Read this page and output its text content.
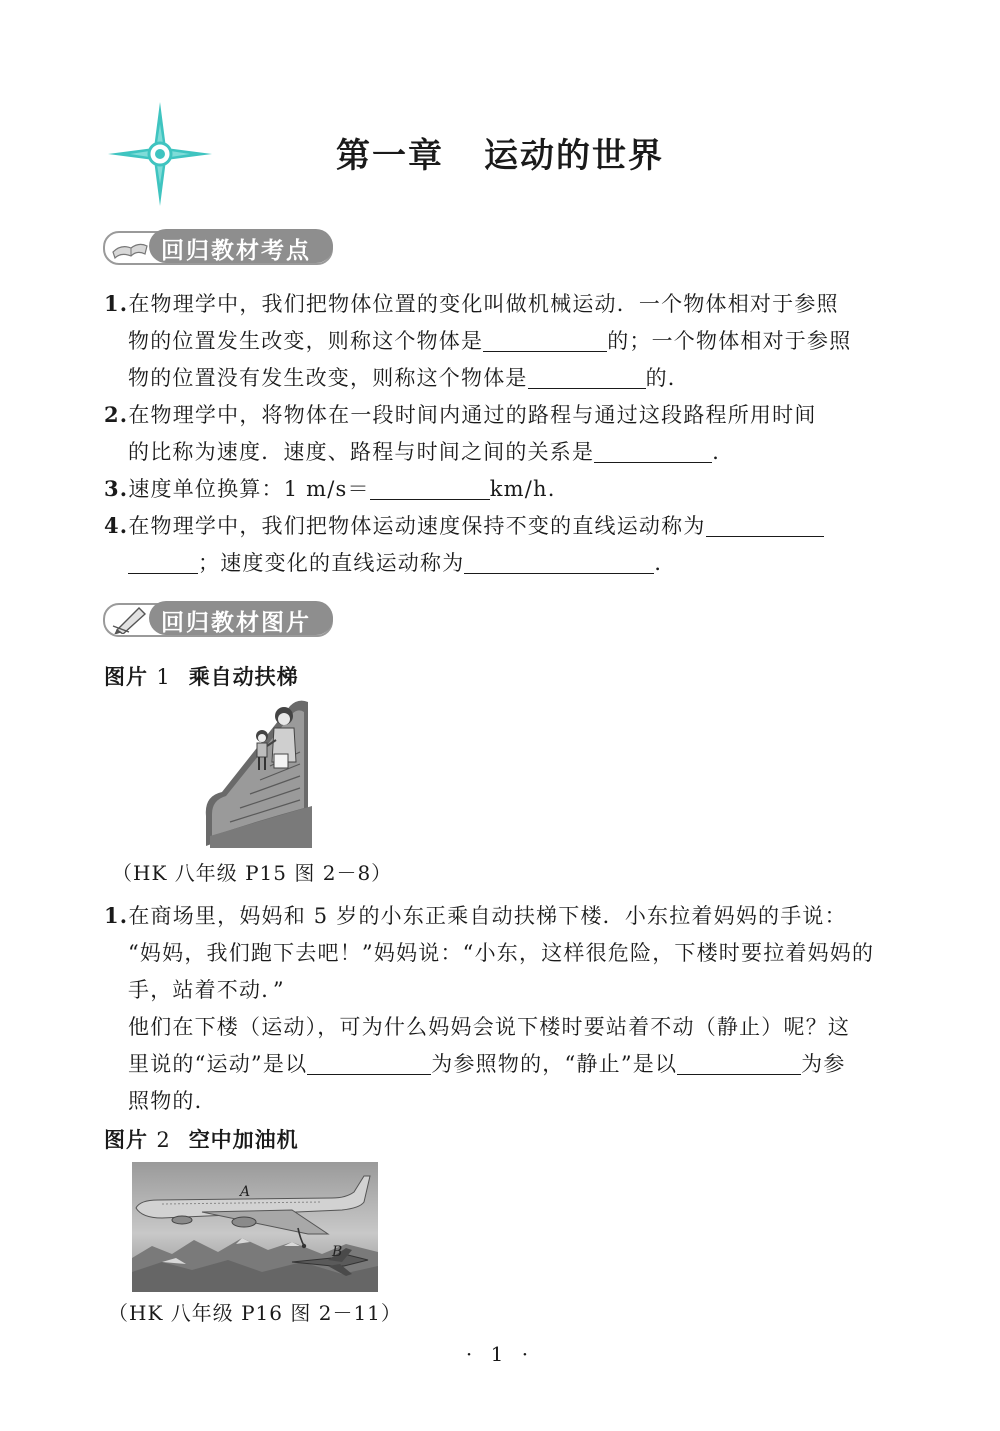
第一章 运动的世界
回归教材考点
1.在物理学中，我们把物体位置的变化叫做机械运动．一个物体相对于参照
物的位置发生改变，则称这个物体是	的；一个物体相对于参照
物的位置没有发生改变，则称这个物体是	的．
2.在物理学中，将物体在一段时间内通过的路程与通过这段路程所用时间
的比称为速度．速度、路程与时间之间的关系是	．
3.速度单位换算：1 m/s＝	km/h.
4.在物理学中，我们把物体运动速度保持不变的直线运动称为
；速度变化的直线运动称为	．
回归教材图片
图片 1 乘自动扶梯
（HK 八年级 P15 图 2－8）
1.在商场里，妈妈和 5 岁的小东正乘自动扶梯下楼．小东拉着妈妈的手说：
“妈妈，我们跑下去吧！”妈妈说：“小东，这样很危险，下楼时要拉着妈妈的
手，站着不动．”
他们在下楼（运动），可为什么妈妈会说下楼时要站着不动（静止）呢？这
里说的“运动”是以	为参照物的，“静止”是以	为参
照物的．
图片 2 空中加油机
A
B
（HK 八年级 P16 图 2－11）
· 1 ·
